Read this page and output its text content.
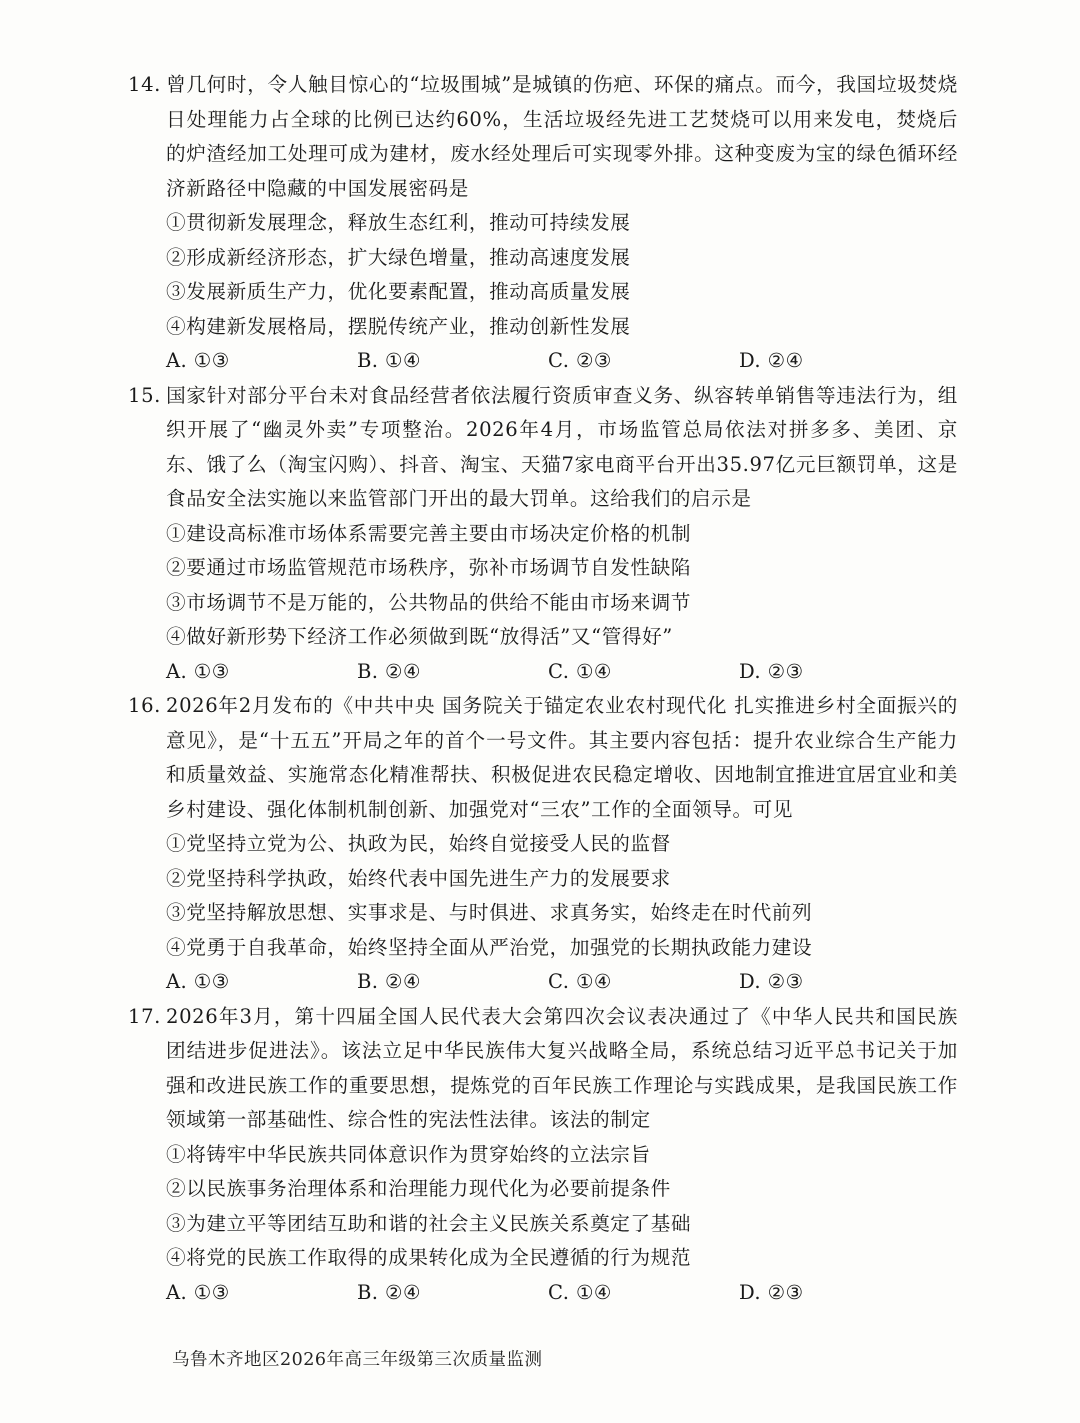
14. 曾几何时，令人触目惊心的“垃圾围城”是城镇的伤疤、环保的痛点。而今，我国垃圾焚烧日处理能力占全球的比例已达约60%，生活垃圾经先进工艺焚烧可以用来发电，焚烧后的炉渣经加工处理可成为建材，废水经处理后可实现零外排。这种变废为宝的绿色循环经济新路径中隐藏的中国发展密码是

①贯彻新发展理念，释放生态红利，推动可持续发展
②形成新经济形态，扩大绿色增量，推动高速度发展
③发展新质生产力，优化要素配置，推动高质量发展
④构建新发展格局，摆脱传统产业，推动创新性发展
A. ①③	B. ①④	C. ②③	D. ②④

15. 国家针对部分平台未对食品经营者依法履行资质审查义务、纵容转单销售等违法行为，组织开展了“幽灵外卖”专项整治。2026年4月，市场监管总局依法对拼多多、美团、京东、饿了么（淘宝闪购）、抖音、淘宝、天猫7家电商平台开出35.97亿元巨额罚单，这是食品安全法实施以来监管部门开出的最大罚单。这给我们的启示是

①建设高标准市场体系需要完善主要由市场决定价格的机制
②要通过市场监管规范市场秩序，弥补市场调节自发性缺陷
③市场调节不是万能的，公共物品的供给不能由市场来调节
④做好新形势下经济工作必须做到既“放得活”又“管得好”
A. ①③	B. ②④	C. ①④	D. ②③

16. 2026年2月发布的《中共中央 国务院关于锚定农业农村现代化 扎实推进乡村全面振兴的意见》，是“十五五”开局之年的首个一号文件。其主要内容包括：提升农业综合生产能力和质量效益、实施常态化精准帮扶、积极促进农民稳定增收、因地制宜推进宜居宜业和美乡村建设、强化体制机制创新、加强党对“三农”工作的全面领导。可见

①党坚持立党为公、执政为民，始终自觉接受人民的监督
②党坚持科学执政，始终代表中国先进生产力的发展要求
③党坚持解放思想、实事求是、与时俱进、求真务实，始终走在时代前列
④党勇于自我革命，始终坚持全面从严治党，加强党的长期执政能力建设
A. ①③	B. ②④	C. ①④	D. ②③

17. 2026年3月，第十四届全国人民代表大会第四次会议表决通过了《中华人民共和国民族团结进步促进法》。该法立足中华民族伟大复兴战略全局，系统总结习近平总书记关于加强和改进民族工作的重要思想，提炼党的百年民族工作理论与实践成果，是我国民族工作领域第一部基础性、综合性的宪法性法律。该法的制定

①将铸牢中华民族共同体意识作为贯穿始终的立法宗旨
②以民族事务治理体系和治理能力现代化为必要前提条件
③为建立平等团结互助和谐的社会主义民族关系奠定了基础
④将党的民族工作取得的成果转化成为全民遵循的行为规范
A. ①③	B. ②④	C. ①④	D. ②③
乌鲁木齐地区2026年高三年级第三次质量监测
